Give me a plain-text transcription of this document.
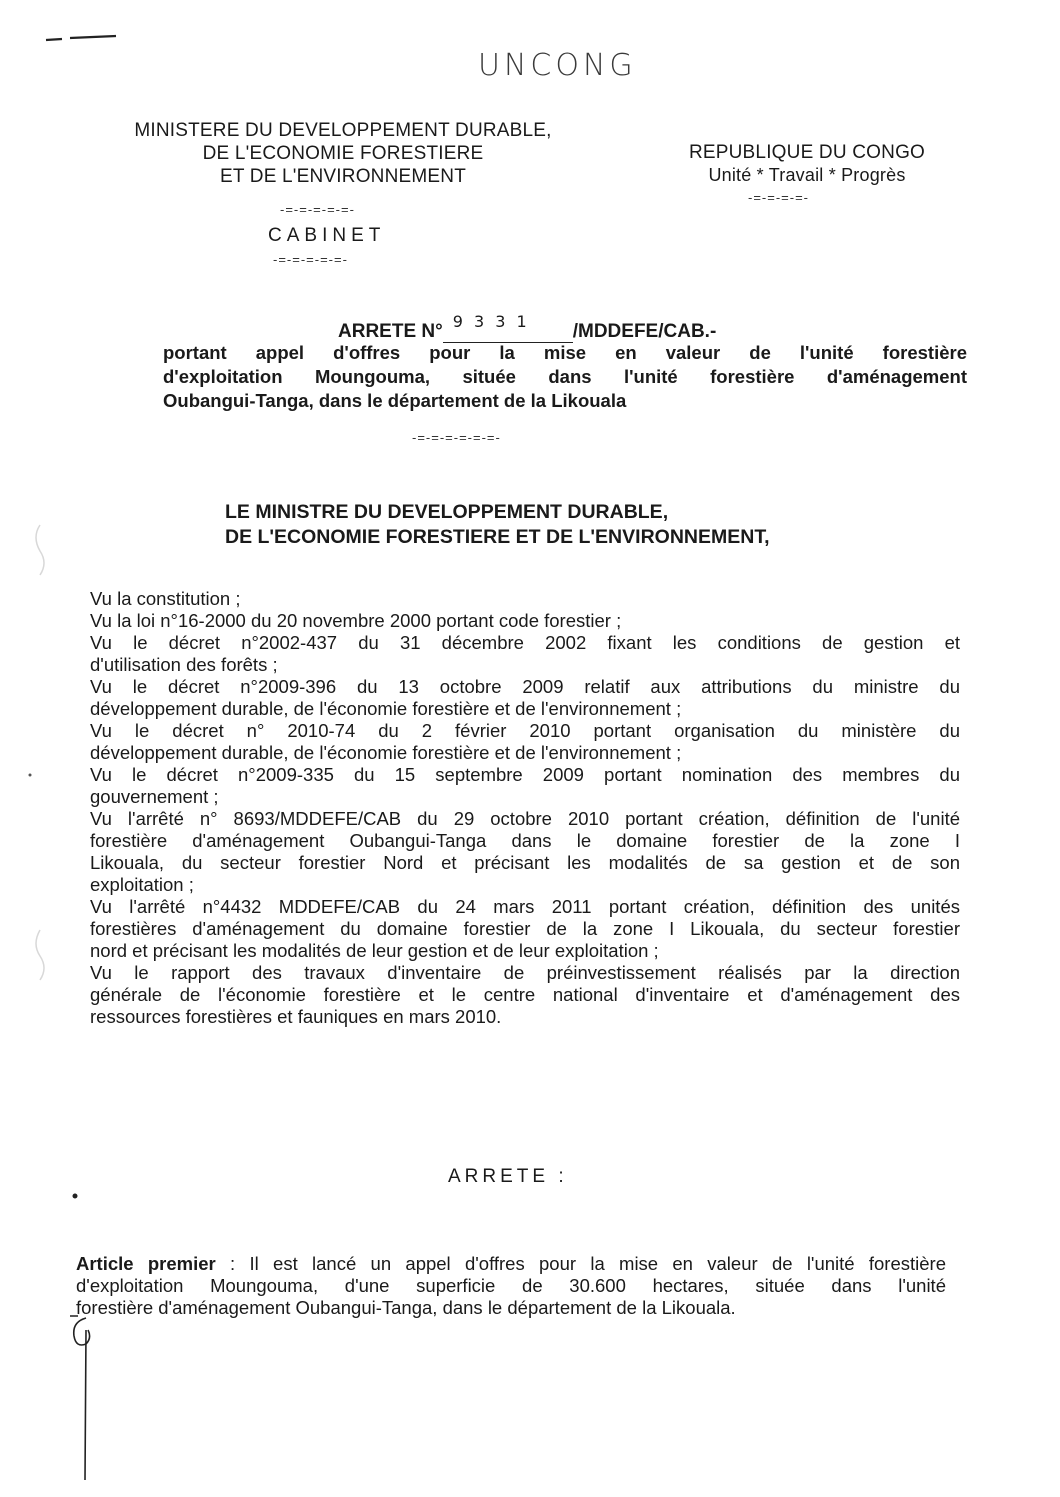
UNCONG
MINISTERE DU DEVELOPPEMENT DURABLE,
DE L'ECONOMIE FORESTIERE
ET DE L'ENVIRONNEMENT
-=-=-=-=-=-
CABINET
-=-=-=-=-=-
REPUBLIQUE DU CONGO
Unité * Travail * Progrès
-=-=-=-=-
ARRETE N° 9 3 3 1 /MDDEFE/CAB.-
portant appel d'offres pour la mise en valeur de l'unité forestière
d'exploitation Moungouma, située dans l'unité forestière d'aménagement
Oubangui-Tanga, dans le département de la Likouala
-=-=-=-=-=-=-
LE MINISTRE DU DEVELOPPEMENT DURABLE,
DE L'ECONOMIE FORESTIERE ET DE L'ENVIRONNEMENT,
Vu la constitution ;
Vu la loi n°16-2000 du 20 novembre 2000 portant code forestier ;
Vu le décret n°2002-437 du 31 décembre 2002 fixant les conditions de gestion et
d'utilisation des forêts ;
Vu le décret n°2009-396 du 13 octobre 2009 relatif aux attributions du ministre du
développement durable, de l'économie forestière et de l'environnement ;
Vu le décret n° 2010-74 du 2 février 2010 portant organisation du ministère du
développement durable, de l'économie forestière et de l'environnement ;
Vu le décret n°2009-335 du 15 septembre 2009 portant nomination des membres du
gouvernement ;
Vu l'arrêté n° 8693/MDDEFE/CAB du 29 octobre 2010 portant création, définition de l'unité
forestière d'aménagement Oubangui-Tanga dans le domaine forestier de la zone I
Likouala, du secteur forestier Nord et précisant les modalités de sa gestion et de son
exploitation ;
Vu l'arrêté n°4432 MDDEFE/CAB du 24 mars 2011 portant création, définition des unités
forestières d'aménagement du domaine forestier de la zone I Likouala, du secteur forestier
nord et précisant les modalités de leur gestion et de leur exploitation ;
Vu le rapport des travaux d'inventaire de préinvestissement réalisés par la direction
générale de l'économie forestière et le centre national d'inventaire et d'aménagement des
ressources forestières et fauniques en mars 2010.
ARRETE :
Article premier : Il est lancé un appel d'offres pour la mise en valeur de l'unité forestière
d'exploitation Moungouma, d'une superficie de 30.600 hectares, située dans l'unité
forestière d'aménagement Oubangui-Tanga, dans le département de la Likouala.
